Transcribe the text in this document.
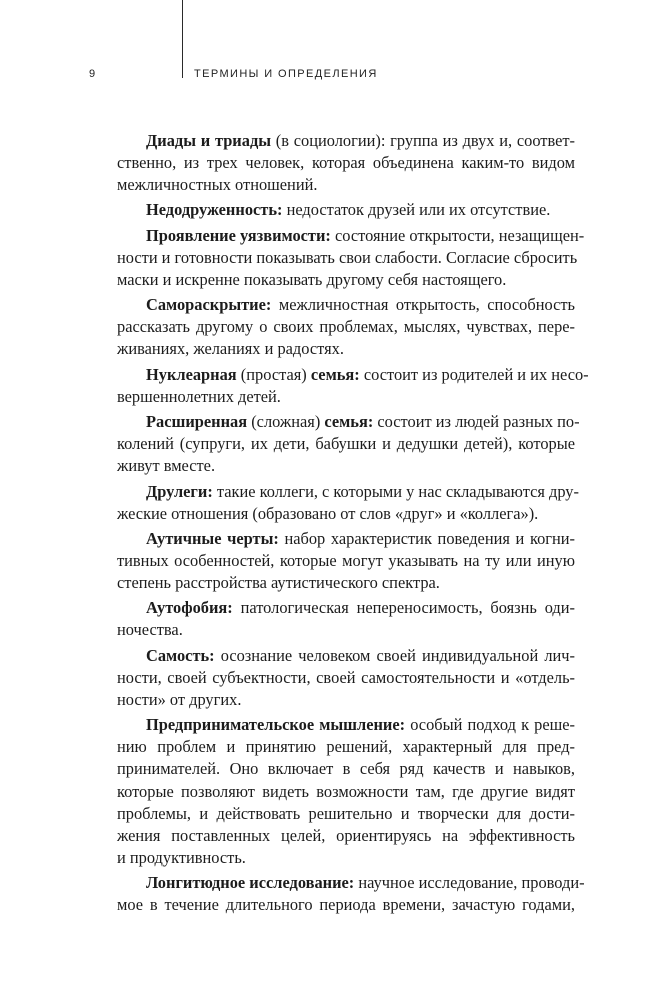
9	ТЕРМИНЫ И ОПРЕДЕЛЕНИЯ
Диады и триады (в социологии): группа из двух и, соответ-
ственно, из трех человек, которая объединена каким-то видом
межличностных отношений.
Недодруженность: недостаток друзей или их отсутствие.
Проявление уязвимости: состояние открытости, незащищен-
ности и готовности показывать свои слабости. Согласие сбросить
маски и искренне показывать другому себя настоящего.
Самораскрытие: межличностная открытость, способность
рассказать другому о своих проблемах, мыслях, чувствах, пере-
живаниях, желаниях и радостях.
Нуклеарная (простая) семья: состоит из родителей и их несо-
вершеннолетних детей.
Расширенная (сложная) семья: состоит из людей разных по-
колений (супруги, их дети, бабушки и дедушки детей), которые
живут вместе.
Друлеги: такие коллеги, с которыми у нас складываются дру-
жеские отношения (образовано от слов «друг» и «коллега»).
Аутичные черты: набор характеристик поведения и когни-
тивных особенностей, которые могут указывать на ту или иную
степень расстройства аутистического спектра.
Аутофобия: патологическая непереносимость, боязнь оди-
ночества.
Самость: осознание человеком своей индивидуальной лич-
ности, своей субъектности, своей самостоятельности и «отдель-
ности» от других.
Предпринимательское мышление: особый подход к реше-
нию проблем и принятию решений, характерный для пред-
принимателей. Оно включает в себя ряд качеств и навыков,
которые позволяют видеть возможности там, где другие видят
проблемы, и действовать решительно и творчески для дости-
жения поставленных целей, ориентируясь на эффективность
и продуктивность.
Лонгитюдное исследование: научное исследование, проводи-
мое в течение длительного периода времени, зачастую годами,
